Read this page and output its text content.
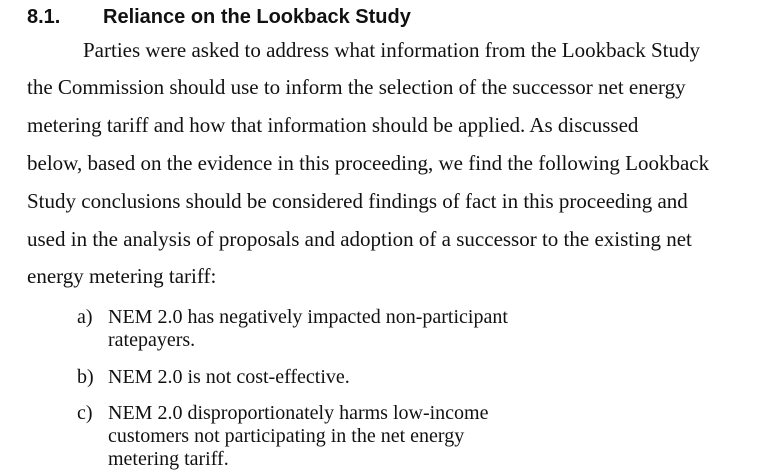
8.1. Reliance on the Lookback Study
Parties were asked to address what information from the Lookback Study
the Commission should use to inform the selection of the successor net energy
metering tariff and how that information should be applied. As discussed
below, based on the evidence in this proceeding, we find the following Lookback
Study conclusions should be considered findings of fact in this proceeding and
used in the analysis of proposals and adoption of a successor to the existing net
energy metering tariff:
a) NEM 2.0 has negatively impacted non-participant
ratepayers.
b) NEM 2.0 is not cost-effective.
c) NEM 2.0 disproportionately harms low-income
customers not participating in the net energy
metering tariff.
